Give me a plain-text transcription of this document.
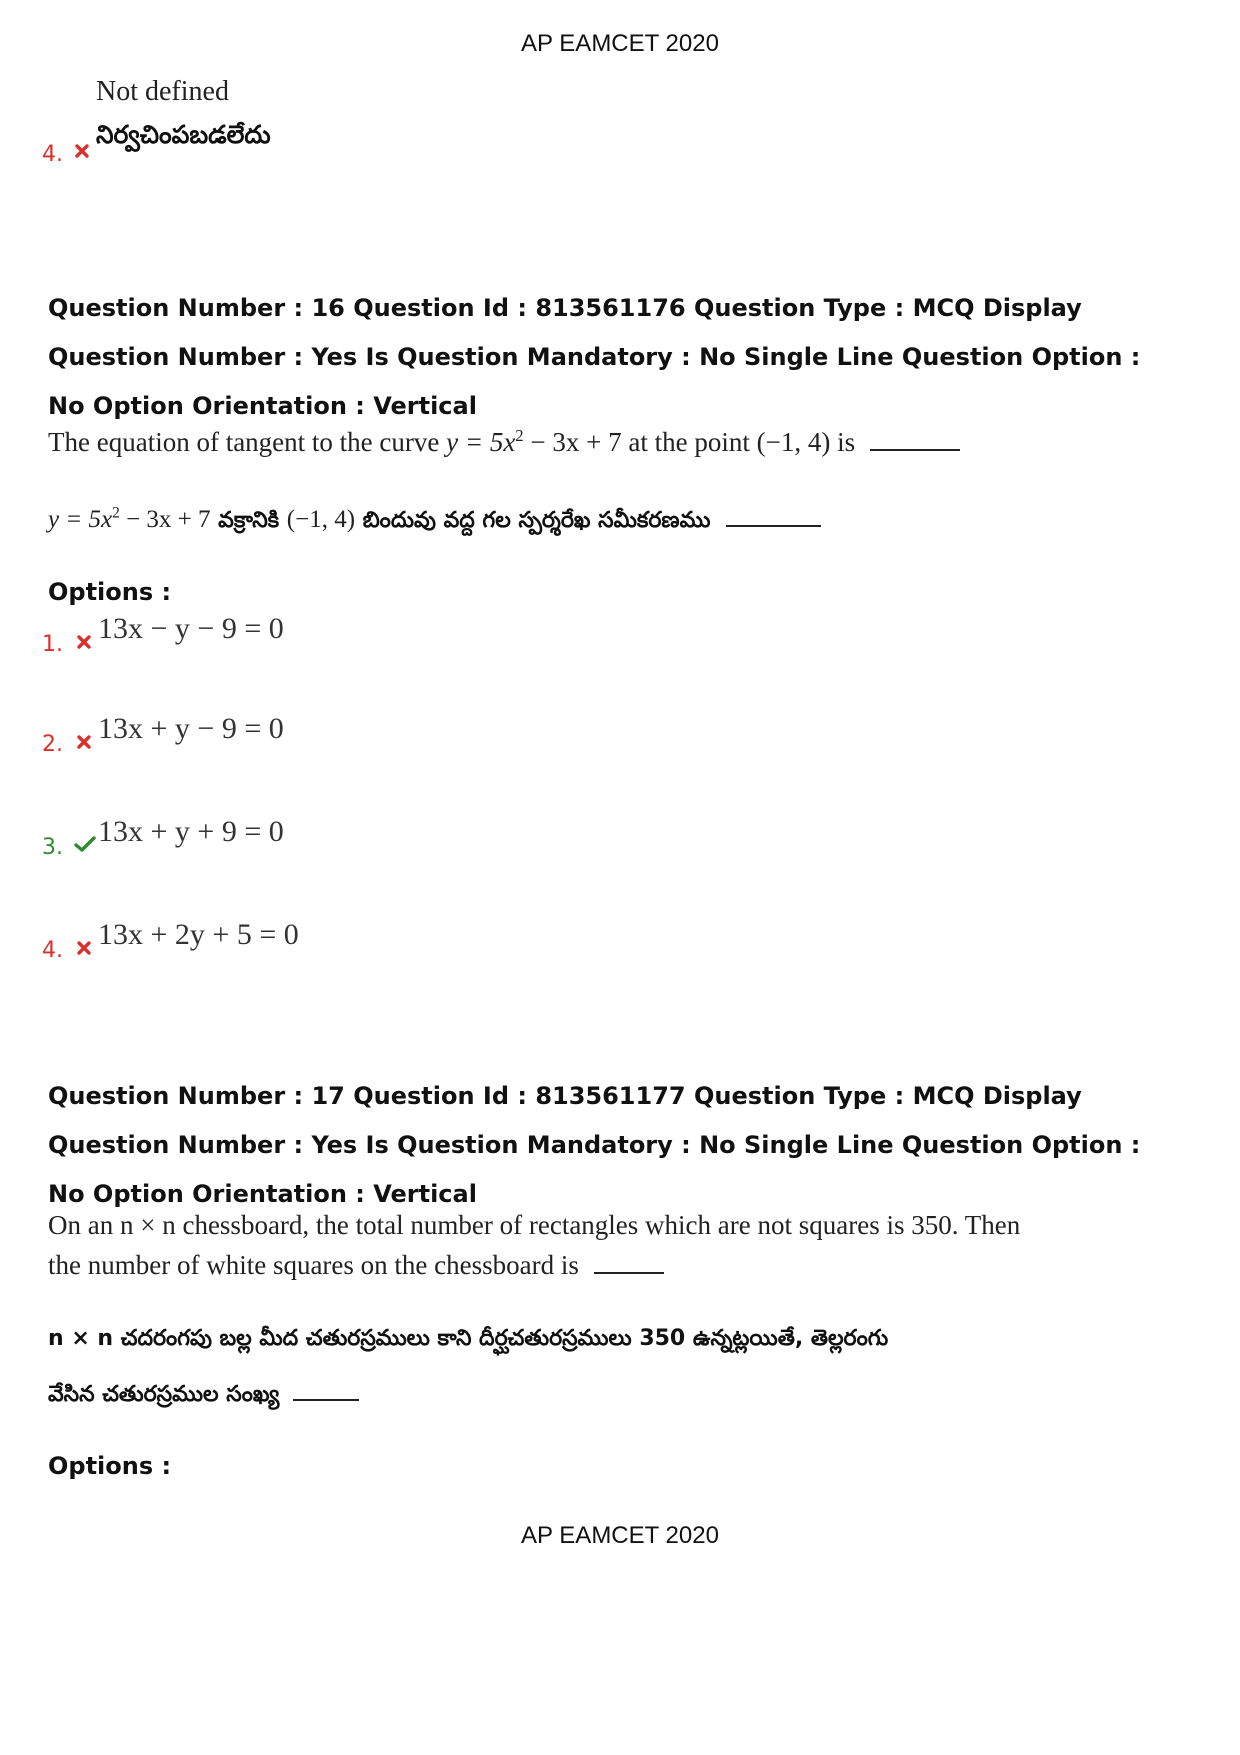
AP EAMCET 2020
Not defined
4.
నిర్వచింపబడలేదు
Question Number : 16 Question Id : 813561176 Question Type : MCQ Display Question Number : Yes Is Question Mandatory : No Single Line Question Option : No Option Orientation : Vertical
The equation of tangent to the curve $y = 5x^2 - 3x + 7$ at the point (−1, 4) is
$y = 5x^2 - 3x + 7$ వక్రానికి (−1, 4) బిందువు వద్ద గల స్పర్శరేఖ సమీకరణము
Options :
1. 13x − y − 9 = 0
2. 13x + y − 9 = 0
3. 13x + y + 9 = 0
4. 13x + 2y + 5 = 0
Question Number : 17 Question Id : 813561177 Question Type : MCQ Display Question Number : Yes Is Question Mandatory : No Single Line Question Option : No Option Orientation : Vertical
On an n × n chessboard, the total number of rectangles which are not squares is 350. Then
the number of white squares on the chessboard is
n × n చదరంగపు బల్ల మీద చతురస్రములు కాని దీర్ఘచతురస్రములు 350 ఉన్నట్లయితే, తెల్లరంగు
వేసిన చతురస్రముల సంఖ్య
Options :
AP EAMCET 2020
